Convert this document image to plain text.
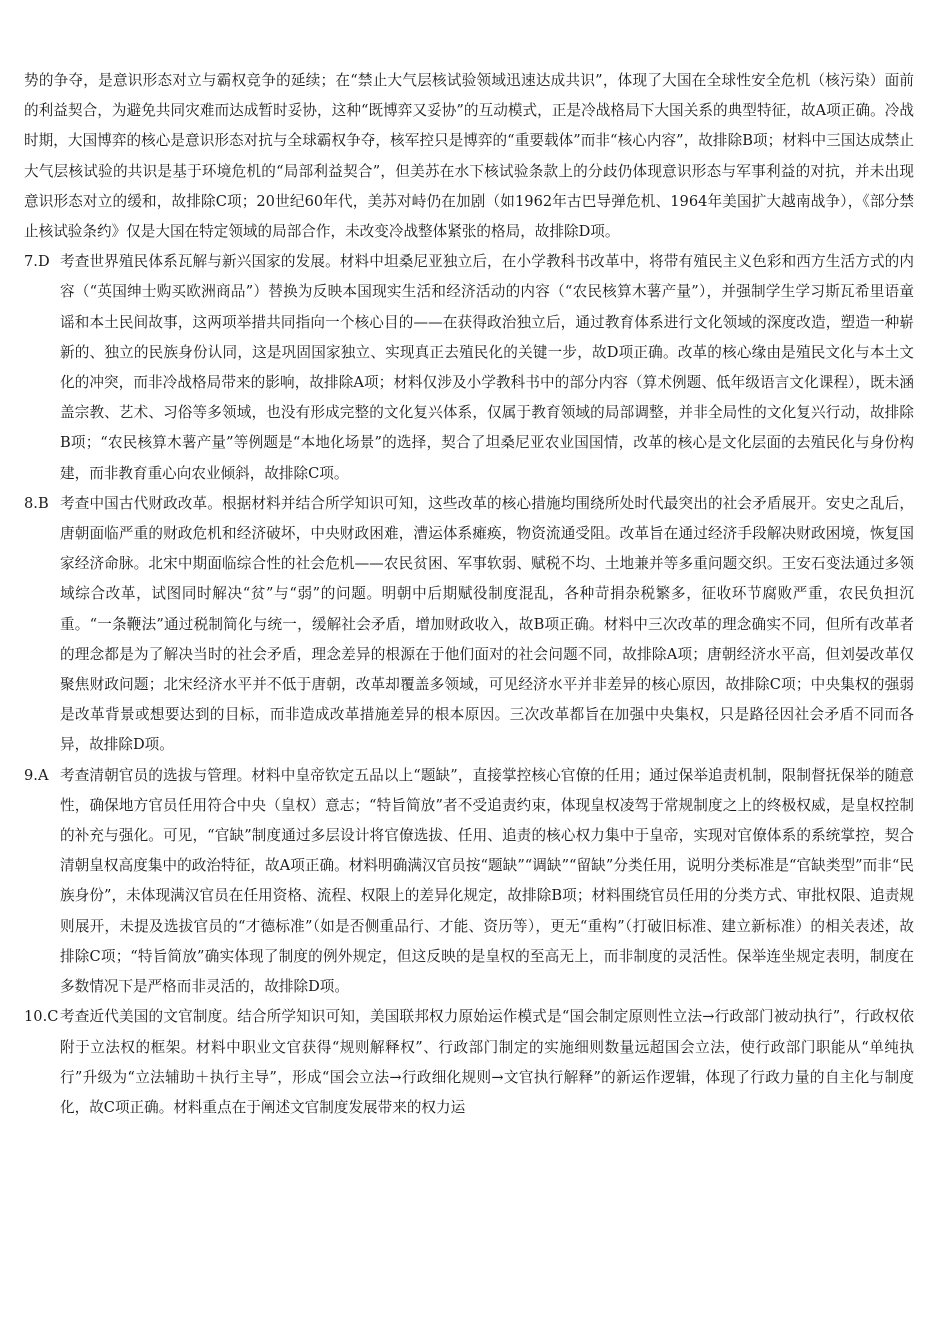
势的争夺，是意识形态对立与霸权竞争的延续；在“禁止大气层核试验领域迅速达成共识”，体现了大国在全球性安全危机（核污染）面前的利益契合，为避免共同灾难而达成暂时妥协，这种“既博弈又妥协”的互动模式，正是冷战格局下大国关系的典型特征，故A项正确。冷战时期，大国博弈的核心是意识形态对抗与全球霸权争夺，核军控只是博弈的“重要载体”而非“核心内容”，故排除B项；材料中三国达成禁止大气层核试验的共识是基于环境危机的“局部利益契合”，但美苏在水下核试验条款上的分歧仍体现意识形态与军事利益的对抗，并未出现意识形态对立的缓和，故排除C项；20世纪60年代，美苏对峙仍在加剧（如1962年古巴导弹危机、1964年美国扩大越南战争），《部分禁止核试验条约》仅是大国在特定领域的局部合作，未改变冷战整体紧张的格局，故排除D项。

7.D 考查世界殖民体系瓦解与新兴国家的发展。材料中坦桑尼亚独立后，在小学教科书改革中，将带有殖民主义色彩和西方生活方式的内容（“英国绅士购买欧洲商品”）替换为反映本国现实生活和经济活动的内容（“农民核算木薯产量”），并强制学生学习斯瓦希里语童谣和本土民间故事，这两项举措共同指向一个核心目的——在获得政治独立后，通过教育体系进行文化领域的深度改造，塑造一种崭新的、独立的民族身份认同，这是巩固国家独立、实现真正去殖民化的关键一步，故D项正确。改革的核心缘由是殖民文化与本土文化的冲突，而非冷战格局带来的影响，故排除A项；材料仅涉及小学教科书中的部分内容（算术例题、低年级语言文化课程），既未涵盖宗教、艺术、习俗等多领域，也没有形成完整的文化复兴体系，仅属于教育领域的局部调整，并非全局性的文化复兴行动，故排除B项；“农民核算木薯产量”等例题是“本地化场景”的选择，契合了坦桑尼亚农业国国情，改革的核心是文化层面的去殖民化与身份构建，而非教育重心向农业倾斜，故排除C项。
8.B 考查中国古代财政改革。根据材料并结合所学知识可知，这些改革的核心措施均围绕所处时代最突出的社会矛盾展开。安史之乱后，唐朝面临严重的财政危机和经济破坏，中央财政困难，漕运体系瘫痪，物资流通受阻。改革旨在通过经济手段解决财政困境，恢复国家经济命脉。北宋中期面临综合性的社会危机——农民贫困、军事软弱、赋税不均、土地兼并等多重问题交织。王安石变法通过多领域综合改革，试图同时解决“贫”与“弱”的问题。明朝中后期赋役制度混乱，各种苛捐杂税繁多，征收环节腐败严重，农民负担沉重。“一条鞭法”通过税制简化与统一，缓解社会矛盾，增加财政收入，故B项正确。材料中三次改革的理念确实不同，但所有改革者的理念都是为了解决当时的社会矛盾，理念差异的根源在于他们面对的社会问题不同，故排除A项；唐朝经济水平高，但刘晏改革仅聚焦财政问题；北宋经济水平并不低于唐朝，改革却覆盖多领域，可见经济水平并非差异的核心原因，故排除C项；中央集权的强弱是改革背景或想要达到的目标，而非造成改革措施差异的根本原因。三次改革都旨在加强中央集权，只是路径因社会矛盾不同而各异，故排除D项。
9.A 考查清朝官员的选拔与管理。材料中皇帝钦定五品以上“题缺”，直接掌控核心官僚的任用；通过保举追责机制，限制督抚保举的随意性，确保地方官员任用符合中央（皇权）意志；“特旨简放”者不受追责约束，体现皇权凌驾于常规制度之上的终极权威，是皇权控制的补充与强化。可见，“官缺”制度通过多层设计将官僚选拔、任用、追责的核心权力集中于皇帝，实现对官僚体系的系统掌控，契合清朝皇权高度集中的政治特征，故A项正确。材料明确满汉官员按“题缺”“调缺”“留缺”分类任用，说明分类标准是“官缺类型”而非“民族身份”，未体现满汉官员在任用资格、流程、权限上的差异化规定，故排除B项；材料围绕官员任用的分类方式、审批权限、追责规则展开，未提及选拔官员的“才德标准”（如是否侧重品行、才能、资历等），更无“重构”（打破旧标准、建立新标准）的相关表述，故排除C项；“特旨简放”确实体现了制度的例外规定，但这反映的是皇权的至高无上，而非制度的灵活性。保举连坐规定表明，制度在多数情况下是严格而非灵活的，故排除D项。
10.C 考查近代美国的文官制度。结合所学知识可知，美国联邦权力原始运作模式是“国会制定原则性立法→行政部门被动执行”，行政权依附于立法权的框架。材料中职业文官获得“规则解释权”、行政部门制定的实施细则数量远超国会立法，使行政部门职能从“单纯执行”升级为“立法辅助＋执行主导”，形成“国会立法→行政细化规则→文官执行解释”的新运作逻辑，体现了行政力量的自主化与制度化，故C项正确。材料重点在于阐述文官制度发展带来的权力运
